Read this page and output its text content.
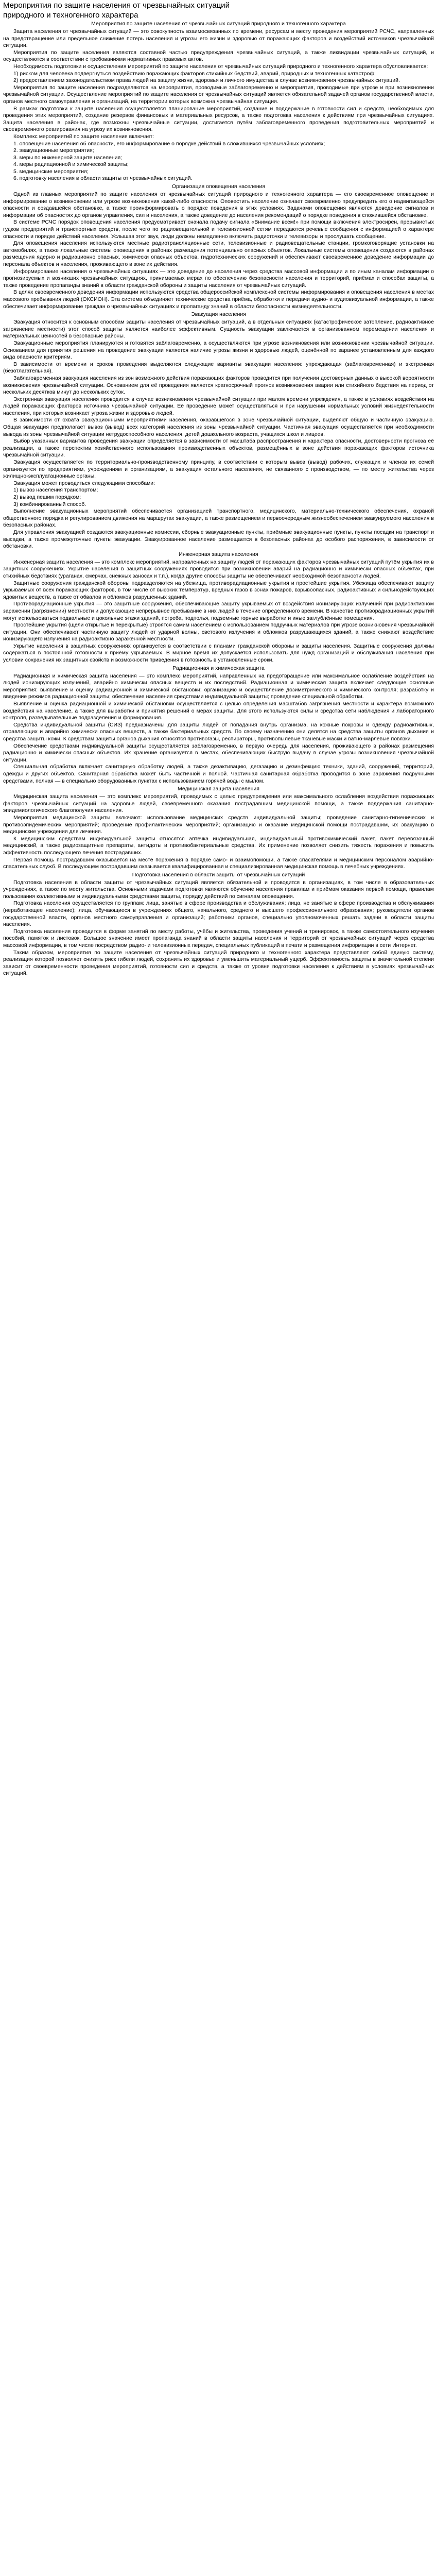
Мероприятия по защите населения от чрезвычайных ситуаций
природного и техногенного характера
Мероприятия по защите населения от чрезвычайных ситуаций природного и техногенного характера
Защита населения от чрезвычайных ситуаций — это совокупность взаимосвязанных по времени, ресурсам и месту проведения мероприятий РСЧС, направленных на предотвращение или предельное снижение потерь населения и угрозы его жизни и здоровью от поражающих факторов и воздействий источников чрезвычайной ситуации.
Мероприятия по защите населения являются составной частью предупреждения чрезвычайных ситуаций, а также ликвидации чрезвычайных ситуаций, и осуществляются в соответствии с требованиями нормативных правовых актов.
Необходимость подготовки и осуществления мероприятий по защите населения от чрезвычайных ситуаций природного и техногенного характера обусловливается:
1) риском для человека подвергнуться воздействию поражающих факторов стихийных бедствий, аварий, природных и техногенных катастроф;
2) предоставлением законодательством права людей на защиту жизни, здоровья и личного имущества в случае возникновения чрезвычайных ситуаций.
Мероприятия по защите населения подразделяются на мероприятия, проводимые заблаговременно и мероприятия, проводимые при угрозе и при возникновении чрезвычайной ситуации. Осуществление мероприятий по защите населения от чрезвычайных ситуаций является обязательной задачей органов государственной власти, органов местного самоуправления и организаций, на территории которых возможна чрезвычайная ситуация.
В рамках подготовки к защите населения осуществляется планирование мероприятий, создание и поддержание в готовности сил и средств, необходимых для проведения этих мероприятий, создание резервов финансовых и материальных ресурсов, а также подготовка населения к действиям при чрезвычайных ситуациях. Защита населения в районах, где возможны чрезвычайные ситуации, достигается путём заблаговременного проведения подготовительных мероприятий и своевременного реагирования на угрозу их возникновения.
Комплекс мероприятий по защите населения включает:
1. оповещение населения об опасности, его информирование о порядке действий в сложившихся чрезвычайных условиях;
2. эвакуационные мероприятия;
3. меры по инженерной защите населения;
4. меры радиационной и химической защиты;
5. медицинские мероприятия;
6. подготовку населения в области защиты от чрезвычайных ситуаций.
Организация оповещения населения
Одной из главных мероприятий по защите населения от чрезвычайных ситуаций природного и техногенного характера — его своевременное оповещение и информирование о возникновении или угрозе возникновения какой-либо опасности. Оповестить население означает своевременно предупредить его о надвигающейся опасности и создавшейся обстановке, а также проинформировать о порядке поведения в этих условиях. Задачами оповещения являются доведение сигналов и информации об опасностях до органов управления, сил и населения, а также доведение до населения рекомендаций о порядке поведения в сложившейся обстановке.
В системе РСЧС порядок оповещения населения предусматривает сначала подачу сигнала «Внимание всем!» при помощи включения электросирен, прерывистых гудков предприятий и транспортных средств, после чего по радиовещательной и телевизионной сетям передаются речевые сообщения с информацией о характере опасности и порядке действий населения. Услышав этот звук, люди должны немедленно включить радиоточки и телевизоры и прослушать сообщение.
Для оповещения населения используются местные радиотрансляционные сети, телевизионные и радиовещательные станции, громкоговорящие установки на автомобилях, а также локальные системы оповещения в районах размещения потенциально опасных объектов. Локальные системы оповещения создаются в районах размещения ядерно и радиационно опасных, химически опасных объектов, гидротехнических сооружений и обеспечивают своевременное доведение информации до персонала объектов и населения, проживающего в зоне их действия.
Информирование населения о чрезвычайных ситуациях — это доведение до населения через средства массовой информации и по иным каналам информации о прогнозируемых и возникших чрезвычайных ситуациях, принимаемых мерах по обеспечению безопасности населения и территорий, приёмах и способах защиты, а также проведение пропаганды знаний в области гражданской обороны и защиты населения от чрезвычайных ситуаций.
В целях своевременного доведения информации используются средства общероссийской комплексной системы информирования и оповещения населения в местах массового пребывания людей (ОКСИОН). Эта система объединяет технические средства приёма, обработки и передачи аудио- и аудиовизуальной информации, а также обеспечивает информирование граждан о чрезвычайных ситуациях и пропаганду знаний в области безопасности жизнедеятельности.
Эвакуация населения
Эвакуация относится к основным способам защиты населения от чрезвычайных ситуаций, а в отдельных ситуациях (катастрофическое затопление, радиоактивное загрязнение местности) этот способ защиты является наиболее эффективным. Сущность эвакуации заключается в организованном перемещении населения и материальных ценностей в безопасные районы.
Эвакуационные мероприятия планируются и готовятся заблаговременно, а осуществляются при угрозе возникновения или возникновении чрезвычайной ситуации. Основанием для принятия решения на проведение эвакуации является наличие угрозы жизни и здоровью людей, оценённой по заранее установленным для каждого вида опасности критериям.
В зависимости от времени и сроков проведения выделяются следующие варианты эвакуации населения: упреждающая (заблаговременная) и экстренная (безотлагательная).
Заблаговременная эвакуация населения из зон возможного действия поражающих факторов проводится при получении достоверных данных о высокой вероятности возникновения чрезвычайной ситуации. Основанием для её проведения является краткосрочный прогноз возникновения аварии или стихийного бедствия на период от нескольких десятков минут до нескольких суток.
Экстренная эвакуация населения проводится в случае возникновения чрезвычайной ситуации при малом времени упреждения, а также в условиях воздействия на людей поражающих факторов источника чрезвычайной ситуации. Её проведение может осуществляться и при нарушении нормальных условий жизнедеятельности населения, при которых возникает угроза жизни и здоровью людей.
В зависимости от охвата эвакуационными мероприятиями населения, оказавшегося в зоне чрезвычайной ситуации, выделяют общую и частичную эвакуацию. Общая эвакуация предполагает вывоз (вывод) всех категорий населения из зоны чрезвычайной ситуации. Частичная эвакуация осуществляется при необходимости вывода из зоны чрезвычайной ситуации нетрудоспособного населения, детей дошкольного возраста, учащихся школ и лицеев.
Выбор указанных вариантов проведения эвакуации определяется в зависимости от масштаба распространения и характера опасности, достоверности прогноза её реализации, а также перспектив хозяйственного использования производственных объектов, размещённых в зоне действия поражающих факторов источника чрезвычайной ситуации.
Эвакуация осуществляется по территориально-производственному принципу, в соответствии с которым вывоз (вывод) рабочих, служащих и членов их семей организуется по предприятиям, учреждениям и организациям, а эвакуация остального населения, не связанного с производством, — по месту жительства через жилищно-эксплуатационные органы.
Эвакуация может проводиться следующими способами:
1) вывоз населения транспортом;
2) вывод пешим порядком;
3) комбинированный способ.
Выполнение эвакуационных мероприятий обеспечивается организацией транспортного, медицинского, материально-технического обеспечения, охраной общественного порядка и регулированием движения на маршрутах эвакуации, а также размещением и первоочередным жизнеобеспечением эвакуируемого населения в безопасных районах.
Для управления эвакуацией создаются эвакуационные комиссии, сборные эвакуационные пункты, приёмные эвакуационные пункты, пункты посадки на транспорт и высадки, а также промежуточные пункты эвакуации. Эвакуированное население размещается в безопасных районах до особого распоряжения, в зависимости от обстановки.
Инженерная защита населения
Инженерная защита населения — это комплекс мероприятий, направленных на защиту людей от поражающих факторов чрезвычайных ситуаций путём укрытия их в защитных сооружениях. Укрытие населения в защитных сооружениях проводится при возникновении аварий на радиационно и химически опасных объектах, при стихийных бедствиях (ураганах, смерчах, снежных заносах и т.п.), когда другие способы защиты не обеспечивают необходимой безопасности людей.
Защитные сооружения гражданской обороны подразделяются на убежища, противорадиационные укрытия и простейшие укрытия. Убежища обеспечивают защиту укрываемых от всех поражающих факторов, в том числе от высоких температур, вредных газов в зонах пожаров, взрывоопасных, радиоактивных и сильнодействующих ядовитых веществ, а также от обвалов и обломков разрушенных зданий.
Противорадиационные укрытия — это защитные сооружения, обеспечивающие защиту укрываемых от воздействия ионизирующих излучений при радиоактивном заражении (загрязнении) местности и допускающие непрерывное пребывание в них людей в течение определённого времени. В качестве противорадиационных укрытий могут использоваться подвальные и цокольные этажи зданий, погреба, подполья, подземные горные выработки и иные заглублённые помещения.
Простейшие укрытия (щели открытые и перекрытые) строятся самим населением с использованием подручных материалов при угрозе возникновения чрезвычайной ситуации. Они обеспечивают частичную защиту людей от ударной волны, светового излучения и обломков разрушающихся зданий, а также снижают воздействие ионизирующего излучения на радиоактивно заражённой местности.
Укрытие населения в защитных сооружениях организуется в соответствии с планами гражданской обороны и защиты населения. Защитные сооружения должны содержаться в постоянной готовности к приёму укрываемых. В мирное время их допускается использовать для нужд организаций и обслуживания населения при условии сохранения их защитных свойств и возможности приведения в готовность в установленные сроки.
Радиационная и химическая защита
Радиационная и химическая защита населения — это комплекс мероприятий, направленных на предотвращение или максимальное ослабление воздействия на людей ионизирующих излучений, аварийно химически опасных веществ и их последствий. Радиационная и химическая защита включает следующие основные мероприятия: выявление и оценку радиационной и химической обстановки; организацию и осуществление дозиметрического и химического контроля; разработку и введение режимов радиационной защиты; обеспечение населения средствами индивидуальной защиты; проведение специальной обработки.
Выявление и оценка радиационной и химической обстановки осуществляется с целью определения масштабов загрязнения местности и характера возможного воздействия на население, а также для выработки и принятия решений о мерах защиты. Для этого используются силы и средства сети наблюдения и лабораторного контроля, разведывательные подразделения и формирования.
Средства индивидуальной защиты (СИЗ) предназначены для защиты людей от попадания внутрь организма, на кожные покровы и одежду радиоактивных, отравляющих и аварийно химически опасных веществ, а также бактериальных средств. По своему назначению они делятся на средства защиты органов дыхания и средства защиты кожи. К средствам защиты органов дыхания относятся противогазы, респираторы, противопылевые тканевые маски и ватно-марлевые повязки.
Обеспечение средствами индивидуальной защиты осуществляется заблаговременно, в первую очередь для населения, проживающего в районах размещения радиационно и химически опасных объектов. Их хранение организуется в местах, обеспечивающих быструю выдачу в случае угрозы возникновения чрезвычайной ситуации.
Специальная обработка включает санитарную обработку людей, а также дезактивацию, дегазацию и дезинфекцию техники, зданий, сооружений, территорий, одежды и других объектов. Санитарная обработка может быть частичной и полной. Частичная санитарная обработка проводится в зоне заражения подручными средствами, полная — в специально оборудованных пунктах с использованием горячей воды с мылом.
Медицинская защита населения
Медицинская защита населения — это комплекс мероприятий, проводимых с целью предупреждения или максимального ослабления воздействия поражающих факторов чрезвычайных ситуаций на здоровье людей, своевременного оказания пострадавшим медицинской помощи, а также поддержания санитарно-эпидемиологического благополучия населения.
Мероприятия медицинской защиты включают: использование медицинских средств индивидуальной защиты; проведение санитарно-гигиенических и противоэпидемических мероприятий; проведение профилактических мероприятий; организацию и оказание медицинской помощи пострадавшим, их эвакуацию в медицинские учреждения для лечения.
К медицинским средствам индивидуальной защиты относятся аптечка индивидуальная, индивидуальный противохимический пакет, пакет перевязочный медицинский, а также радиозащитные препараты, антидоты и противобактериальные средства. Их применение позволяет снизить тяжесть поражения и повысить эффективность последующего лечения пострадавших.
Первая помощь пострадавшим оказывается на месте поражения в порядке само- и взаимопомощи, а также спасателями и медицинским персоналом аварийно-спасательных служб. В последующем пострадавшим оказывается квалифицированная и специализированная медицинская помощь в лечебных учреждениях.
Подготовка населения в области защиты от чрезвычайных ситуаций
Подготовка населения в области защиты от чрезвычайных ситуаций является обязательной и проводится в организациях, в том числе в образовательных учреждениях, а также по месту жительства. Основными задачами подготовки являются обучение населения правилам и приёмам оказания первой помощи, правилам пользования коллективными и индивидуальными средствами защиты, порядку действий по сигналам оповещения.
Подготовка населения осуществляется по группам: лица, занятые в сфере производства и обслуживания; лица, не занятые в сфере производства и обслуживания (неработающее население); лица, обучающиеся в учреждениях общего, начального, среднего и высшего профессионального образования; руководители органов государственной власти, органов местного самоуправления и организаций; работники органов, специально уполномоченных решать задачи в области защиты населения.
Подготовка населения проводится в форме занятий по месту работы, учёбы и жительства, проведения учений и тренировок, а также самостоятельного изучения пособий, памяток и листовок. Большое значение имеет пропаганда знаний в области защиты населения и территорий от чрезвычайных ситуаций через средства массовой информации, в том числе посредством радио- и телевизионных передач, специальных публикаций в печати и размещения информации в сети Интернет.
Таким образом, мероприятия по защите населения от чрезвычайных ситуаций природного и техногенного характера представляют собой единую систему, реализация которой позволяет снизить риск гибели людей, сохранить их здоровье и уменьшить материальный ущерб. Эффективность защиты в значительной степени зависит от своевременности проведения мероприятий, готовности сил и средств, а также от уровня подготовки населения к действиям в условиях чрезвычайных ситуаций.
